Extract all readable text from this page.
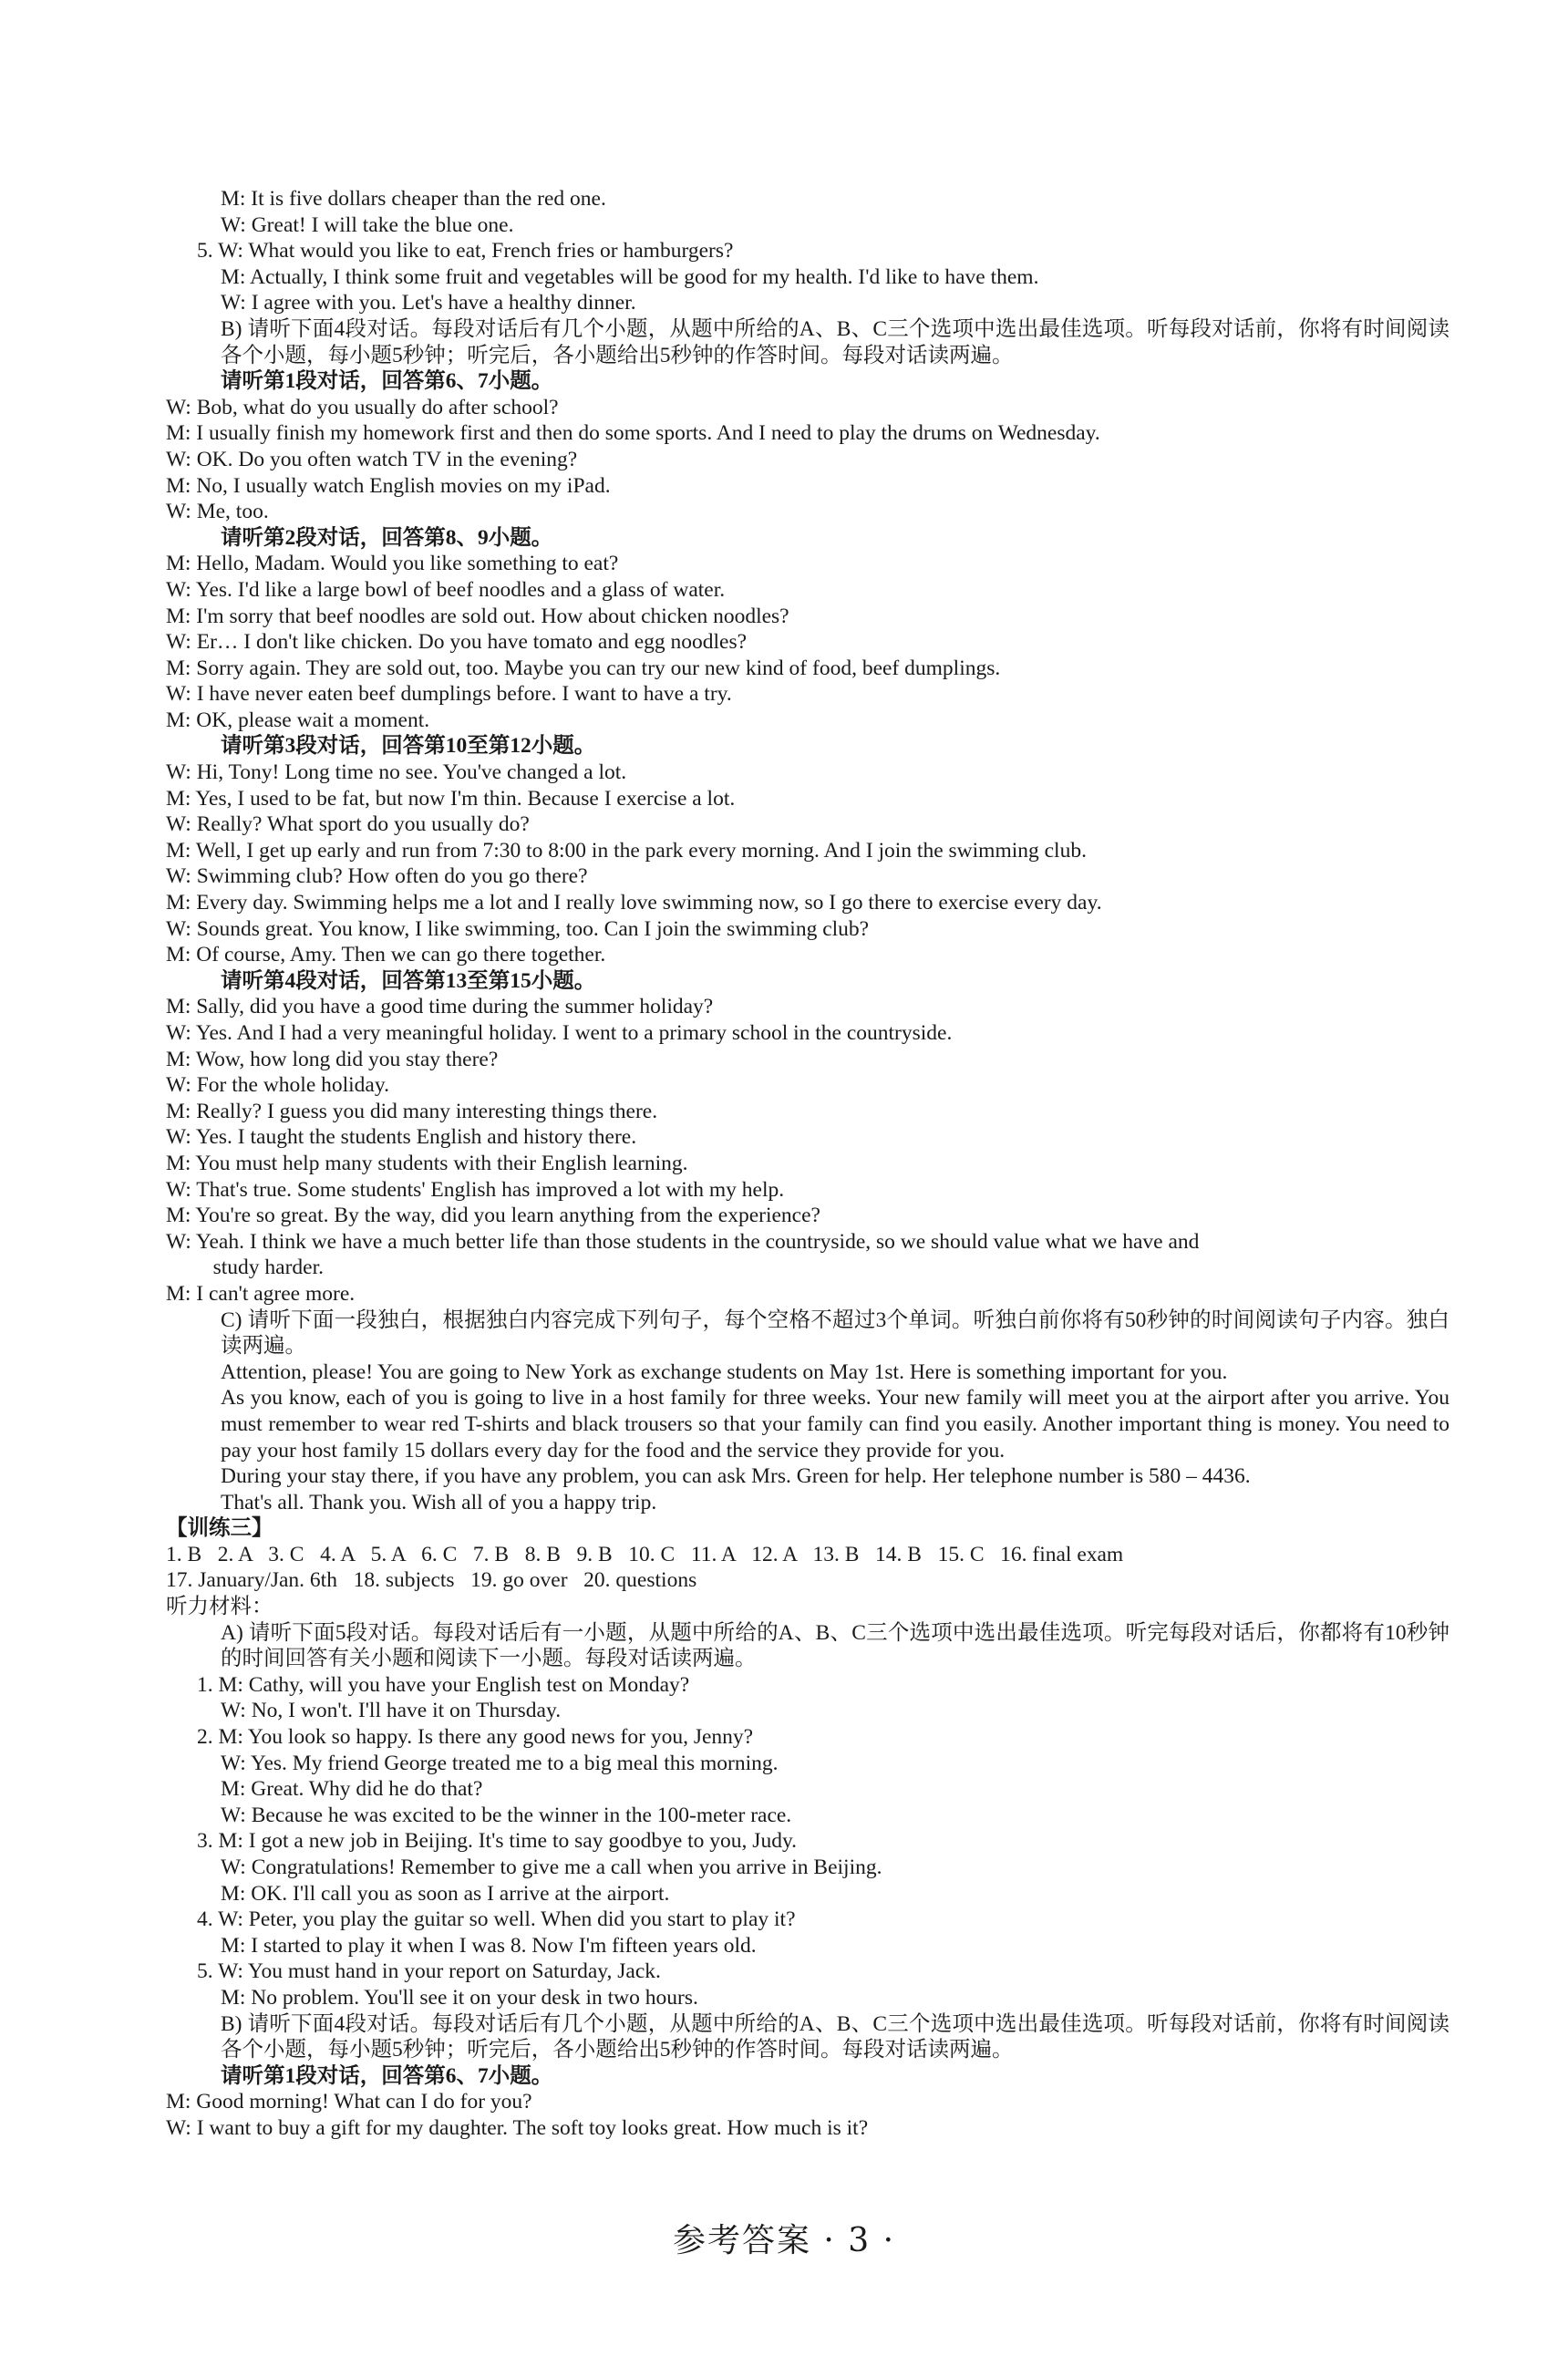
M: It is five dollars cheaper than the red one.
W: Great! I will take the blue one.
5. W: What would you like to eat, French fries or hamburgers?
M: Actually, I think some fruit and vegetables will be good for my health. I'd like to have them.
W: I agree with you. Let's have a healthy dinner.
B) 请听下面4段对话。每段对话后有几个小题，从题中所给的A、B、C三个选项中选出最佳选项。听每段对话前，你将有时间阅读各个小题，每小题5秒钟；听完后，各小题给出5秒钟的作答时间。每段对话读两遍。
请听第1段对话，回答第6、7小题。
W: Bob, what do you usually do after school?
M: I usually finish my homework first and then do some sports. And I need to play the drums on Wednesday.
W: OK. Do you often watch TV in the evening?
M: No, I usually watch English movies on my iPad.
W: Me, too.
请听第2段对话，回答第8、9小题。
M: Hello, Madam. Would you like something to eat?
W: Yes. I'd like a large bowl of beef noodles and a glass of water.
M: I'm sorry that beef noodles are sold out. How about chicken noodles?
W: Er… I don't like chicken. Do you have tomato and egg noodles?
M: Sorry again. They are sold out, too. Maybe you can try our new kind of food, beef dumplings.
W: I have never eaten beef dumplings before. I want to have a try.
M: OK, please wait a moment.
请听第3段对话，回答第10至第12小题。
W: Hi, Tony! Long time no see. You've changed a lot.
M: Yes, I used to be fat, but now I'm thin. Because I exercise a lot.
W: Really? What sport do you usually do?
M: Well, I get up early and run from 7:30 to 8:00 in the park every morning. And I join the swimming club.
W: Swimming club? How often do you go there?
M: Every day. Swimming helps me a lot and I really love swimming now, so I go there to exercise every day.
W: Sounds great. You know, I like swimming, too. Can I join the swimming club?
M: Of course, Amy. Then we can go there together.
请听第4段对话，回答第13至第15小题。
M: Sally, did you have a good time during the summer holiday?
W: Yes. And I had a very meaningful holiday. I went to a primary school in the countryside.
M: Wow, how long did you stay there?
W: For the whole holiday.
M: Really? I guess you did many interesting things there.
W: Yes. I taught the students English and history there.
M: You must help many students with their English learning.
W: That's true. Some students' English has improved a lot with my help.
M: You're so great. By the way, did you learn anything from the experience?
W: Yeah. I think we have a much better life than those students in the countryside, so we should value what we have and
study harder.
M: I can't agree more.
C) 请听下面一段独白，根据独白内容完成下列句子，每个空格不超过3个单词。听独白前你将有50秒钟的时间阅读句子内容。独白读两遍。
Attention, please! You are going to New York as exchange students on May 1st. Here is something important for you.
As you know, each of you is going to live in a host family for three weeks. Your new family will meet you at the airport after you arrive. You must remember to wear red T-shirts and black trousers so that your family can find you easily. Another important thing is money. You need to pay your host family 15 dollars every day for the food and the service they provide for you.
During your stay there, if you have any problem, you can ask Mrs. Green for help. Her telephone number is 580 – 4436.
That's all. Thank you. Wish all of you a happy trip.
【训练三】
1. B   2. A   3. C   4. A   5. A   6. C   7. B   8. B   9. B   10. C   11. A   12. A   13. B   14. B   15. C   16. final exam
17. January/Jan. 6th   18. subjects   19. go over   20. questions
听力材料：
A) 请听下面5段对话。每段对话后有一小题，从题中所给的A、B、C三个选项中选出最佳选项。听完每段对话后，你都将有10秒钟的时间回答有关小题和阅读下一小题。每段对话读两遍。
1. M: Cathy, will you have your English test on Monday?
W: No, I won't. I'll have it on Thursday.
2. M: You look so happy. Is there any good news for you, Jenny?
W: Yes. My friend George treated me to a big meal this morning.
M: Great. Why did he do that?
W: Because he was excited to be the winner in the 100-meter race.
3. M: I got a new job in Beijing. It's time to say goodbye to you, Judy.
W: Congratulations! Remember to give me a call when you arrive in Beijing.
M: OK. I'll call you as soon as I arrive at the airport.
4. W: Peter, you play the guitar so well. When did you start to play it?
M: I started to play it when I was 8. Now I'm fifteen years old.
5. W: You must hand in your report on Saturday, Jack.
M: No problem. You'll see it on your desk in two hours.
B) 请听下面4段对话。每段对话后有几个小题，从题中所给的A、B、C三个选项中选出最佳选项。听每段对话前，你将有时间阅读各个小题，每小题5秒钟；听完后，各小题给出5秒钟的作答时间。每段对话读两遍。
请听第1段对话，回答第6、7小题。
M: Good morning! What can I do for you?
W: I want to buy a gift for my daughter. The soft toy looks great. How much is it?
参考答案 · 3 ·
